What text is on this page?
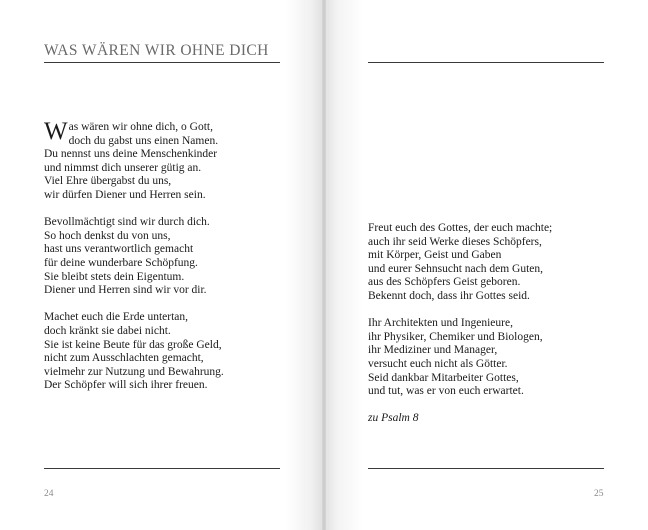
WAS WÄREN WIR OHNE DICH
W as wären wir ohne dich, o Gott,
doch du gabst uns einen Namen.
Du nennst uns deine Menschenkinder
und nimmst dich unserer gütig an.
Viel Ehre übergabst du uns,
wir dürfen Diener und Herren sein.
Bevollmächtigt sind wir durch dich.
So hoch denkst du von uns,
hast uns verantwortlich gemacht
für deine wunderbare Schöpfung.
Sie bleibt stets dein Eigentum.
Diener und Herren sind wir vor dir.
Machet euch die Erde untertan,
doch kränkt sie dabei nicht.
Sie ist keine Beute für das große Geld,
nicht zum Ausschlachten gemacht,
vielmehr zur Nutzung und Bewahrung.
Der Schöpfer will sich ihrer freuen.
24
Freut euch des Gottes, der euch machte;
auch ihr seid Werke dieses Schöpfers,
mit Körper, Geist und Gaben
und eurer Sehnsucht nach dem Guten,
aus des Schöpfers Geist geboren.
Bekennt doch, dass ihr Gottes seid.
Ihr Architekten und Ingenieure,
ihr Physiker, Chemiker und Biologen,
ihr Mediziner und Manager,
versucht euch nicht als Götter.
Seid dankbar Mitarbeiter Gottes,
und tut, was er von euch erwartet.
zu Psalm 8
25
